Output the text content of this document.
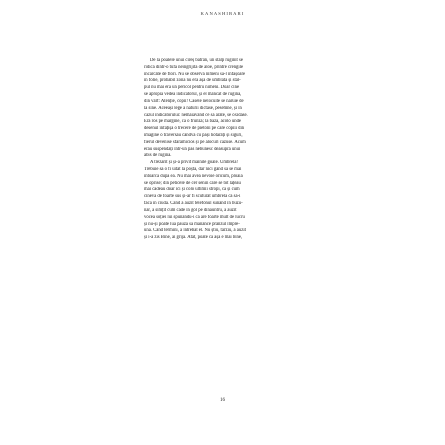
KANASHIBARI
De la poalele unui cireș bătrân, un stâlp ruginit se
ridica dintr-o tufă neîngrijită de aloe, printre crengile
încărcate de flori. Nu se observa nimeni să-l înfășoare
în folie, probabil zona nu era așa de umblată și stâl-
pul nu mai era un pericol pentru nimeni. Doar cine
se apropia vedea indicatorul, și el mâncat de rugină,
din vârf: Atenție, copii! Casele nelocuite se năruie de
la sine. Aceeași lege a naturii dictase, pesemne, și în
cazul indicatorului: nemaiavând ce să arate, se oxidase.
Era ros pe margine, ca o frunză; la bază, acolo unde
desenul înfățișa o trecere de pietoni pe care copiii din
imagine o traversau cândva cu pași hotărâți și siguri,
fierul devenise sfărâmicios și pe alocuri căzuse. Acum
erau suspendați într-un pas nebunesc deasupra unui
abis de rugină.
A trezărit și și-a privit mâinile goale. Umbrela!
Trebuie să o fi uitat la poștă, dar nici gând să se mai
întoarcă după ea. Nu mai avea nevoie oricum, ploaia
se oprise; din peticele de cer senin care se tot lățeau
mai cădeau doar ici și colo ultimii stropi, ca și cum
cineva de foarte sus și-ar fi scuturat umbrela ca să-i
facă în ciudă. Când a auzit telefonul sunând în buzu-
nar, a simțit cum cade în gol pe dinăuntru, a auzit
vocea soției lui spunându-i că are foarte mult de lucru
și nu-și poate lua pauză să mănânce prânzul împre-
ună. Când termini, a întrebat el. Nu știu, târziu, a auzit
și i-a zis Bine, ai grijă. Atât, poate că așa e mai bine,
16
